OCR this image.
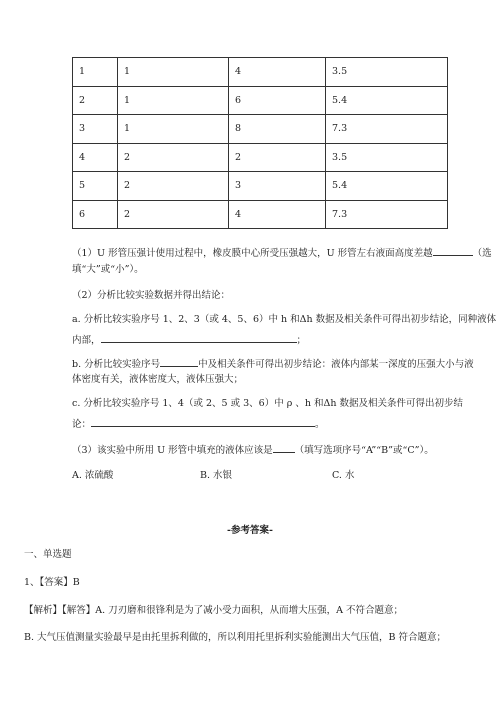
1	1	4	3.5
2	1	6	5.4
3	1	8	7.3
4	2	2	3.5
5	2	3	5.4
6	2	4	7.3
（1）U 形管压强计使用过程中，橡皮膜中心所受压强越大，U 形管左右液面高度差越	（选
填“大”或“小”）。
（2）分析比较实验数据并得出结论：
a. 分析比较实验序号 1、2、3（或 4、5、6）中 h 和Δh 数据及相关条件可得出初步结论，同种液体
内部，	；
b. 分析比较实验序号	中及相关条件可得出初步结论：液体内部某一深度的压强大小与液
体密度有关，液体密度大，液体压强大；
c. 分析比较实验序号 1、4（或 2、5 或 3、6）中 ρ 、h 和Δh 数据及相关条件可得出初步结
论：	。
（3）该实验中所用 U 形管中填充的液体应该是 （填写选项序号“A”“B”或“C”）。
A. 浓硫酸	B. 水银	C. 水
-参考答案-
一、单选题
1、【答案】B
【解析】【解答】A. 刀刃磨和很锋利是为了减小受力面积，从而增大压强，A 不符合题意；
B. 大气压值测量实验最早是由托里拆利做的，所以利用托里拆利实验能测出大气压值，B 符合题意；
